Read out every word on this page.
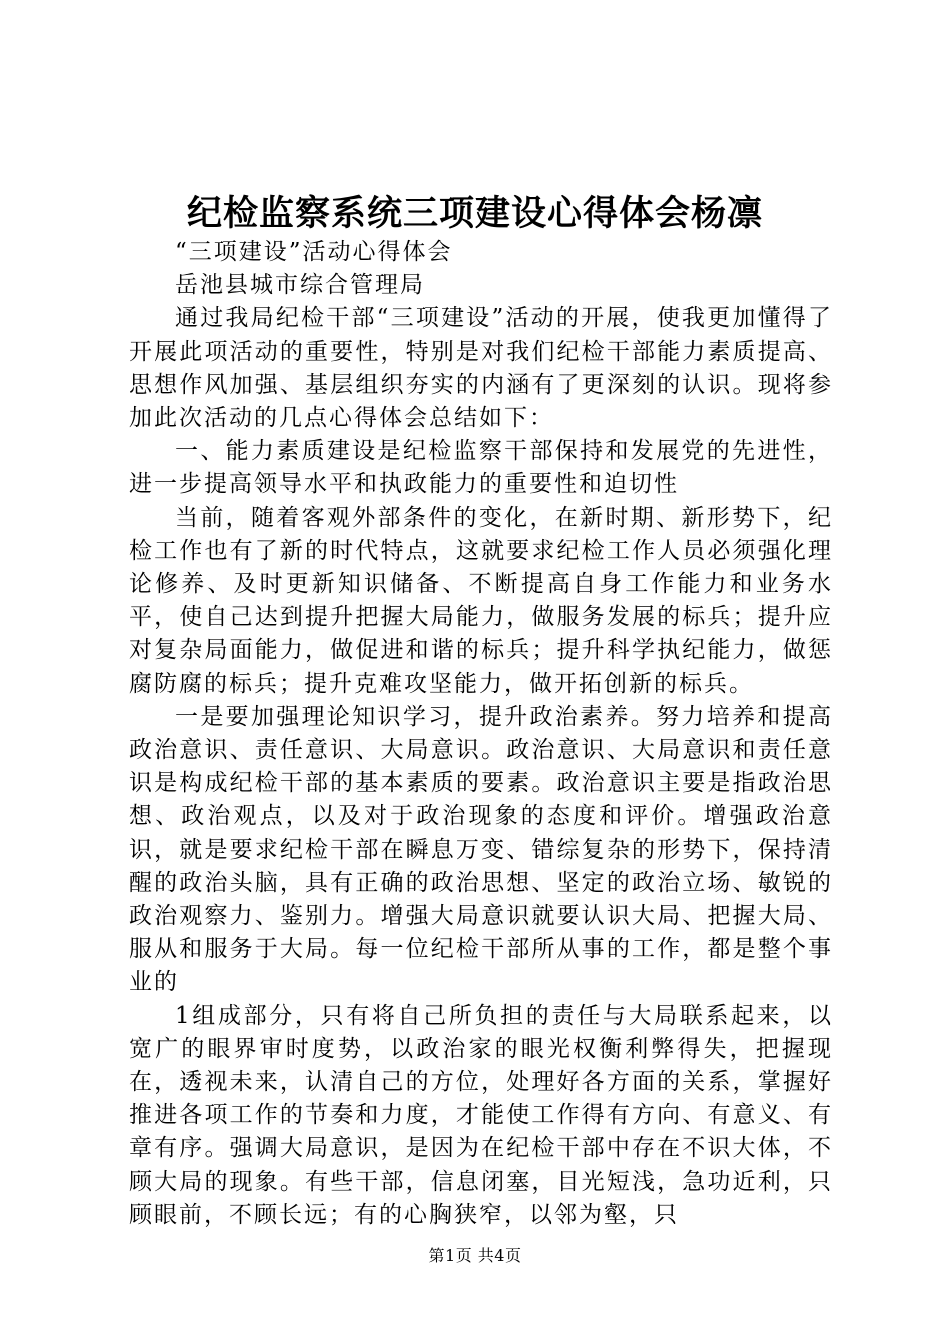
纪检监察系统三项建设心得体会杨凛

“三项建设”活动心得体会

岳池县城市综合管理局

通过我局纪检干部“三项建设”活动的开展，使我更加懂得了开展此项活动的重要性，特别是对我们纪检干部能力素质提高、思想作风加强、基层组织夯实的内涵有了更深刻的认识。现将参加此次活动的几点心得体会总结如下：

一、能力素质建设是纪检监察干部保持和发展党的先进性，进一步提高领导水平和执政能力的重要性和迫切性

当前，随着客观外部条件的变化，在新时期、新形势下，纪检工作也有了新的时代特点，这就要求纪检工作人员必须强化理论修养、及时更新知识储备、不断提高自身工作能力和业务水平，使自己达到提升把握大局能力，做服务发展的标兵；提升应对复杂局面能力，做促进和谐的标兵；提升科学执纪能力，做惩腐防腐的标兵；提升克难攻坚能力，做开拓创新的标兵。

一是要加强理论知识学习，提升政治素养。努力培养和提高政治意识、责任意识、大局意识。政治意识、大局意识和责任意识是构成纪检干部的基本素质的要素。政治意识主要是指政治思想、政治观点，以及对于政治现象的态度和评价。增强政治意识，就是要求纪检干部在瞬息万变、错综复杂的形势下，保持清醒的政治头脑，具有正确的政治思想、坚定的政治立场、敏锐的政治观察力、鉴别力。增强大局意识就要认识大局、把握大局、服从和服务于大局。每一位纪检干部所从事的工作，都是整个事业的

1组成部分，只有将自己所负担的责任与大局联系起来，以宽广的眼界审时度势，以政治家的眼光权衡利弊得失，把握现在，透视未来，认清自己的方位，处理好各方面的关系，掌握好推进各项工作的节奏和力度，才能使工作得有方向、有意义、有章有序。强调大局意识，是因为在纪检干部中存在不识大体，不顾大局的现象。有些干部，信息闭塞，目光短浅，急功近利，只顾眼前，不顾长远；有的心胸狭窄，以邻为壑，只

第1页 共4页
